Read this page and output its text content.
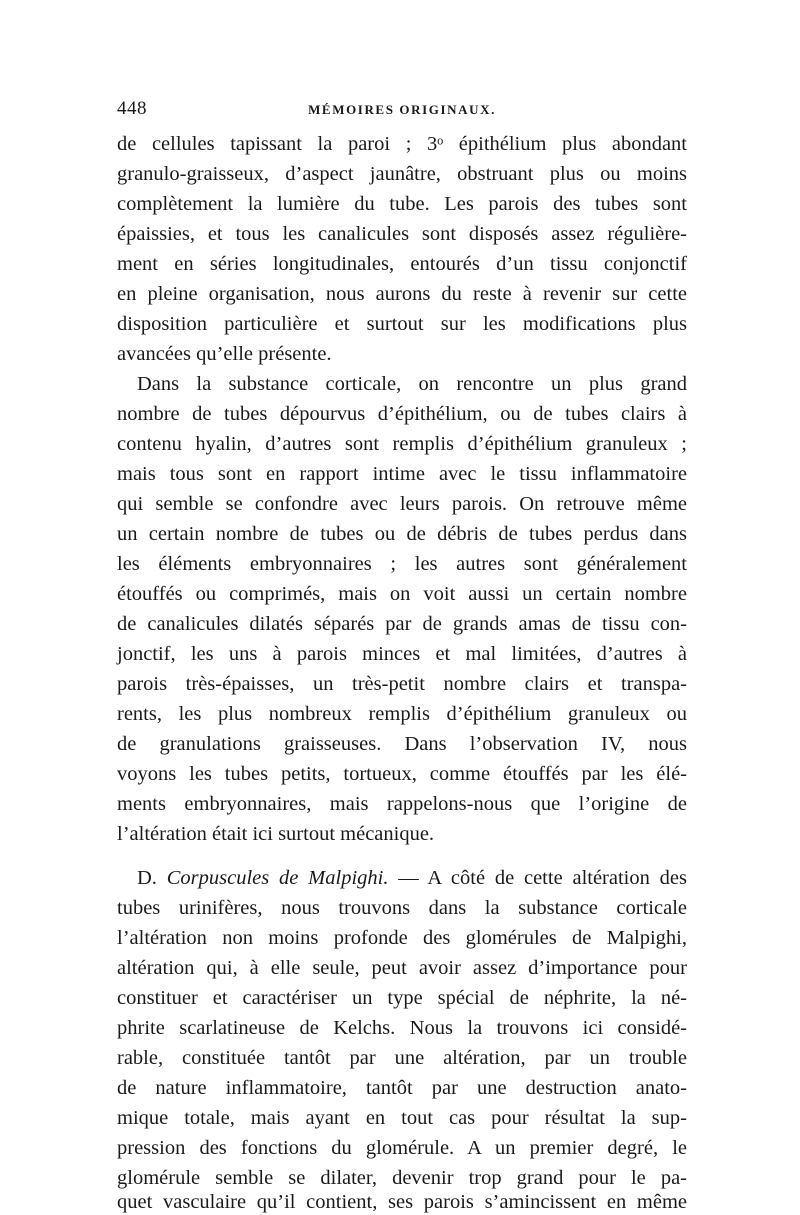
448	MÉMOIRES ORIGINAUX.
de cellules tapissant la paroi ; 3ᵒ épithélium plus abondant
granulo-graisseux, d’aspect jaunâtre, obstruant plus ou moins
complètement la lumière du tube. Les parois des tubes sont
épaissies, et tous les canalicules sont disposés assez régulière-
ment en séries longitudinales, entourés d’un tissu conjonctif
en pleine organisation, nous aurons du reste à revenir sur cette
disposition particulière et surtout sur les modifications plus
avancées qu’elle présente.
Dans la substance corticale, on rencontre un plus grand
nombre de tubes dépourvus d’épithélium, ou de tubes clairs à
contenu hyalin, d’autres sont remplis d’épithélium granuleux ;
mais tous sont en rapport intime avec le tissu inflammatoire
qui semble se confondre avec leurs parois. On retrouve même
un certain nombre de tubes ou de débris de tubes perdus dans
les éléments embryonnaires ; les autres sont généralement
étouffés ou comprimés, mais on voit aussi un certain nombre
de canalicules dilatés séparés par de grands amas de tissu con-
jonctif, les uns à parois minces et mal limitées, d’autres à
parois très-épaisses, un très-petit nombre clairs et transpa-
rents, les plus nombreux remplis d’épithélium granuleux ou
de granulations graisseuses. Dans l’observation IV, nous
voyons les tubes petits, tortueux, comme étouffés par les élé-
ments embryonnaires, mais rappelons-nous que l’origine de
l’altération était ici surtout mécanique.
D. Corpuscules de Malpighi. — A côté de cette altération des
tubes urinifères, nous trouvons dans la substance corticale
l’altération non moins profonde des glomérules de Malpighi,
altération qui, à elle seule, peut avoir assez d’importance pour
constituer et caractériser un type spécial de néphrite, la né-
phrite scarlatineuse de Kelchs. Nous la trouvons ici considé-
rable, constituée tantôt par une altération, par un trouble
de nature inflammatoire, tantôt par une destruction anato-
mique totale, mais ayant en tout cas pour résultat la sup-
pression des fonctions du glomérule. A un premier degré, le
glomérule semble se dilater, devenir trop grand pour le pa-
quet vasculaire qu’il contient, ses parois s’amincissent en même
